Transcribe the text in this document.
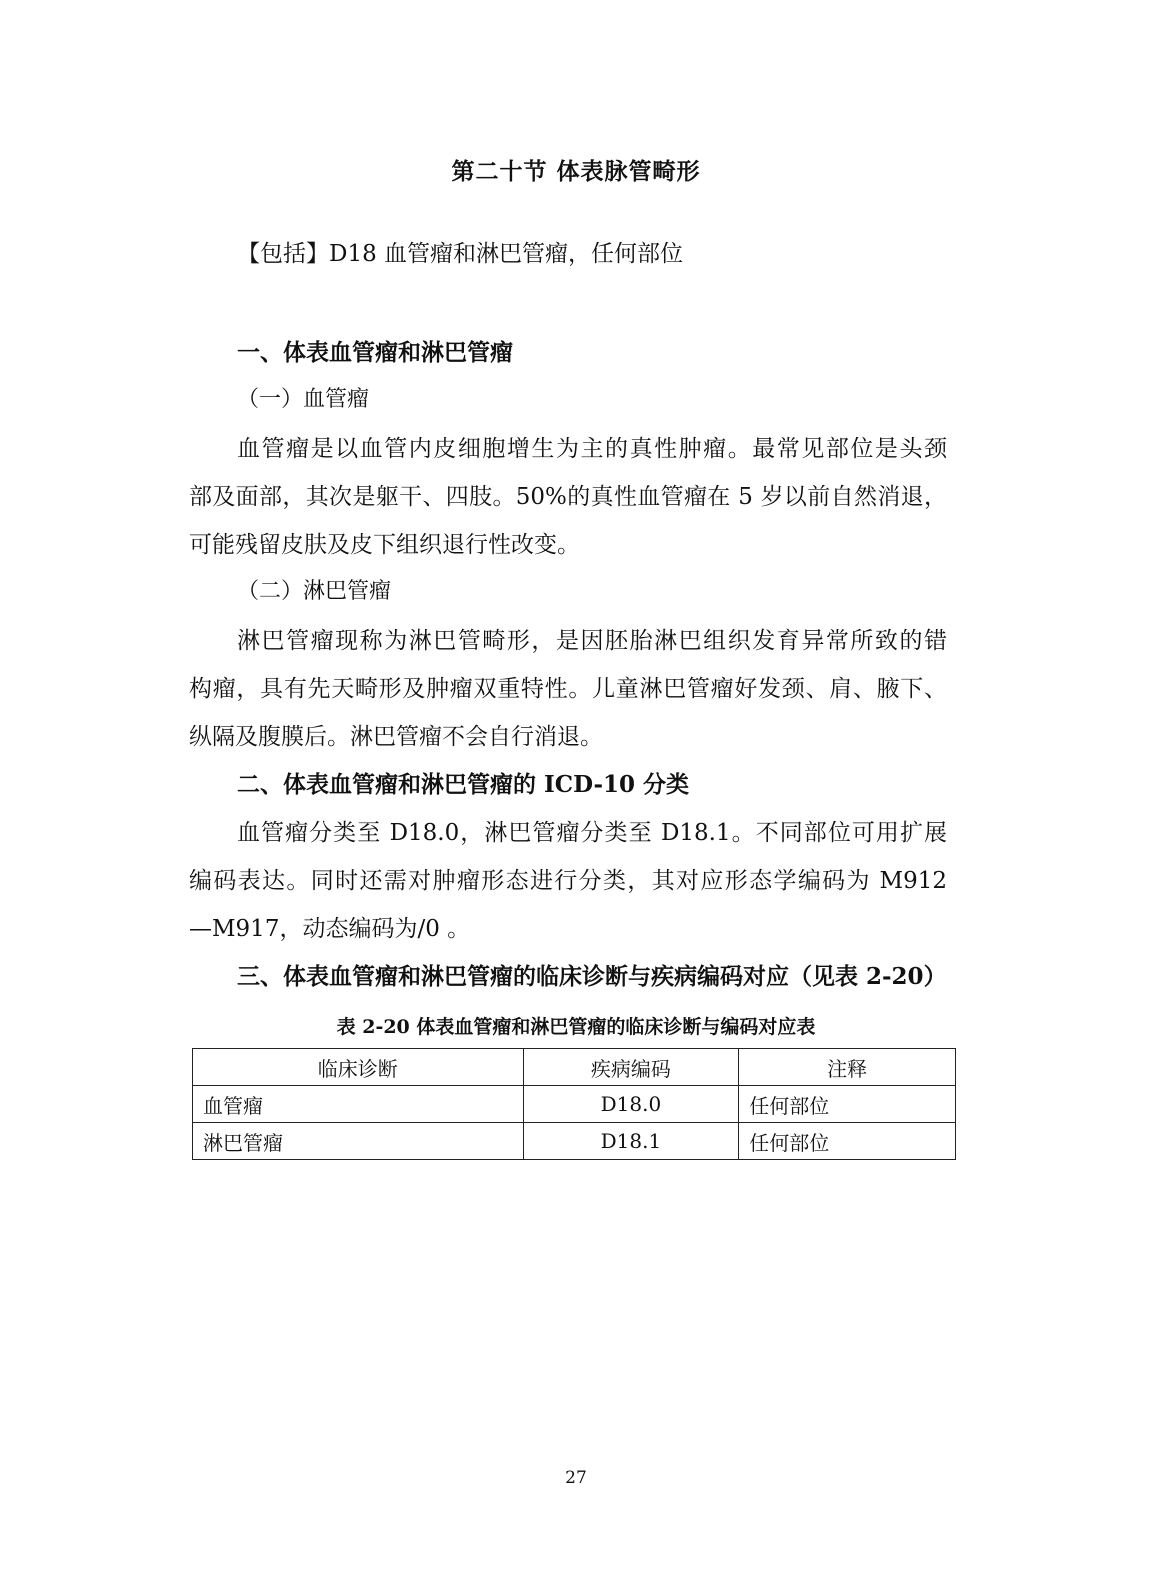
第二十节 体表脉管畸形
【包括】D18 血管瘤和淋巴管瘤，任何部位
一、体表血管瘤和淋巴管瘤
（一）血管瘤
血管瘤是以血管内皮细胞增生为主的真性肿瘤。最常见部位是头颈
部及面部，其次是躯干、四肢。50%的真性血管瘤在 5 岁以前自然消退，
可能残留皮肤及皮下组织退行性改变。
（二）淋巴管瘤
淋巴管瘤现称为淋巴管畸形，是因胚胎淋巴组织发育异常所致的错
构瘤，具有先天畸形及肿瘤双重特性。儿童淋巴管瘤好发颈、肩、腋下、
纵隔及腹膜后。淋巴管瘤不会自行消退。
二、体表血管瘤和淋巴管瘤的 ICD-10 分类
血管瘤分类至 D18.0，淋巴管瘤分类至 D18.1。不同部位可用扩展
编码表达。同时还需对肿瘤形态进行分类，其对应形态学编码为 M912
—M917，动态编码为/0 。
三、体表血管瘤和淋巴管瘤的临床诊断与疾病编码对应（见表 2-20）
表 2-20 体表血管瘤和淋巴管瘤的临床诊断与编码对应表
临床诊断	疾病编码	注释
血管瘤	D18.0	任何部位
淋巴管瘤	D18.1	任何部位
27
